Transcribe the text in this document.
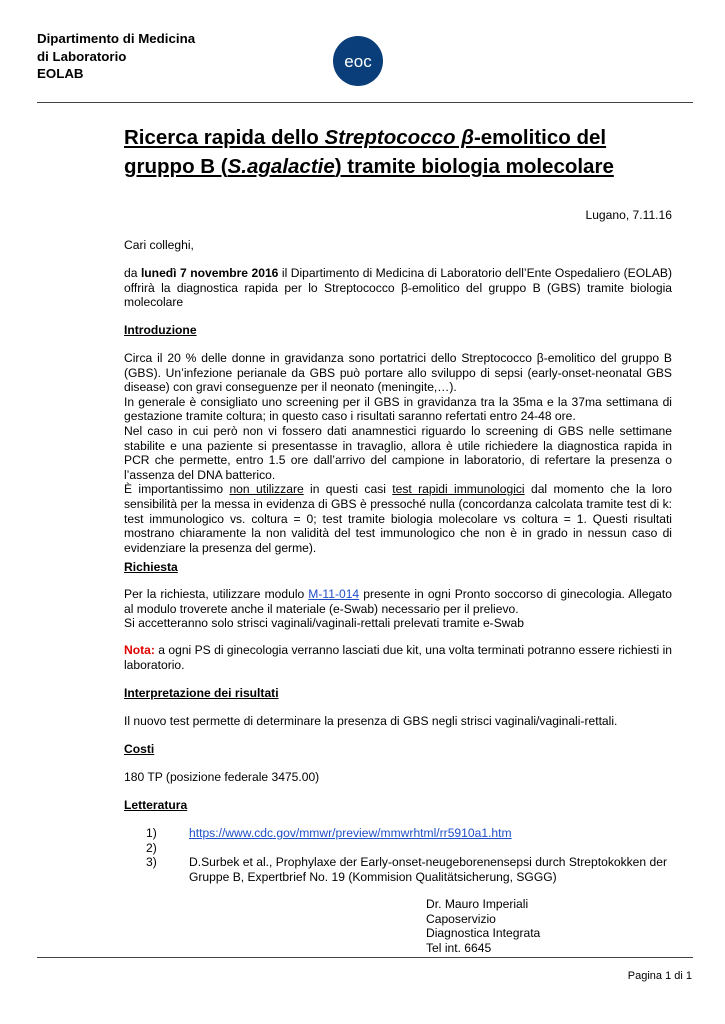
Dipartimento di Medicina
di Laboratorio
EOLAB
eoc
Ricerca rapida dello Streptococco β-emolitico del
gruppo B (S.agalactie) tramite biologia molecolare
Lugano, 7.11.16
Cari colleghi,
da lunedì 7 novembre 2016 il Dipartimento di Medicina di Laboratorio dell’Ente Ospedaliero (EOLAB) offrirà la diagnostica rapida per lo Streptococco β-emolitico del gruppo B (GBS) tramite biologia molecolare
Introduzione
Circa il 20 % delle donne in gravidanza sono portatrici dello Streptococco β-emolitico del gruppo B (GBS). Un’infezione perianale da GBS può portare allo sviluppo di sepsi (early-onset-neonatal GBS disease) con gravi conseguenze per il neonato (meningite,…).
In generale è consigliato uno screening per il GBS in gravidanza tra la 35ma e la 37ma settimana di gestazione tramite coltura; in questo caso i risultati saranno refertati entro 24-48 ore.
Nel caso in cui però non vi fossero dati anamnestici riguardo lo screening di GBS nelle settimane stabilite e una paziente si presentasse in travaglio, allora è utile richiedere la diagnostica rapida in PCR che permette, entro 1.5 ore dall’arrivo del campione in laboratorio, di refertare la presenza o l’assenza del DNA batterico.
È importantissimo non utilizzare in questi casi test rapidi immunologici dal momento che la loro sensibilità per la messa in evidenza di GBS è pressoché nulla (concordanza calcolata tramite test di k: test immunologico vs. coltura = 0; test tramite biologia molecolare vs coltura = 1. Questi risultati mostrano chiaramente la non validità del test immunologico che non è in grado in nessun caso di evidenziare la presenza del germe).
Richiesta
Per la richiesta, utilizzare modulo M-11-014 presente in ogni Pronto soccorso di ginecologia. Allegato al modulo troverete anche il materiale (e-Swab) necessario per il prelievo.
Si accetteranno solo strisci vaginali/vaginali-rettali prelevati tramite e-Swab
Nota: a ogni PS di ginecologia verranno lasciati due kit, una volta terminati potranno essere richiesti in laboratorio.
Interpretazione dei risultati
Il nuovo test permette di determinare la presenza di GBS negli strisci vaginali/vaginali-rettali.
Costi
180 TP (posizione federale 3475.00)
Letteratura
1)	https://www.cdc.gov/mmwr/preview/mmwrhtml/rr5910a1.htm
2)
3)	D.Surbek et al., Prophylaxe der Early-onset-neugeborenensepsi durch Streptokokken der Gruppe B, Expertbrief No. 19 (Kommision Qualitätsicherung, SGGG)
Dr. Mauro Imperiali
Caposervizio
Diagnostica Integrata
Tel int. 6645
Pagina 1 di 1
